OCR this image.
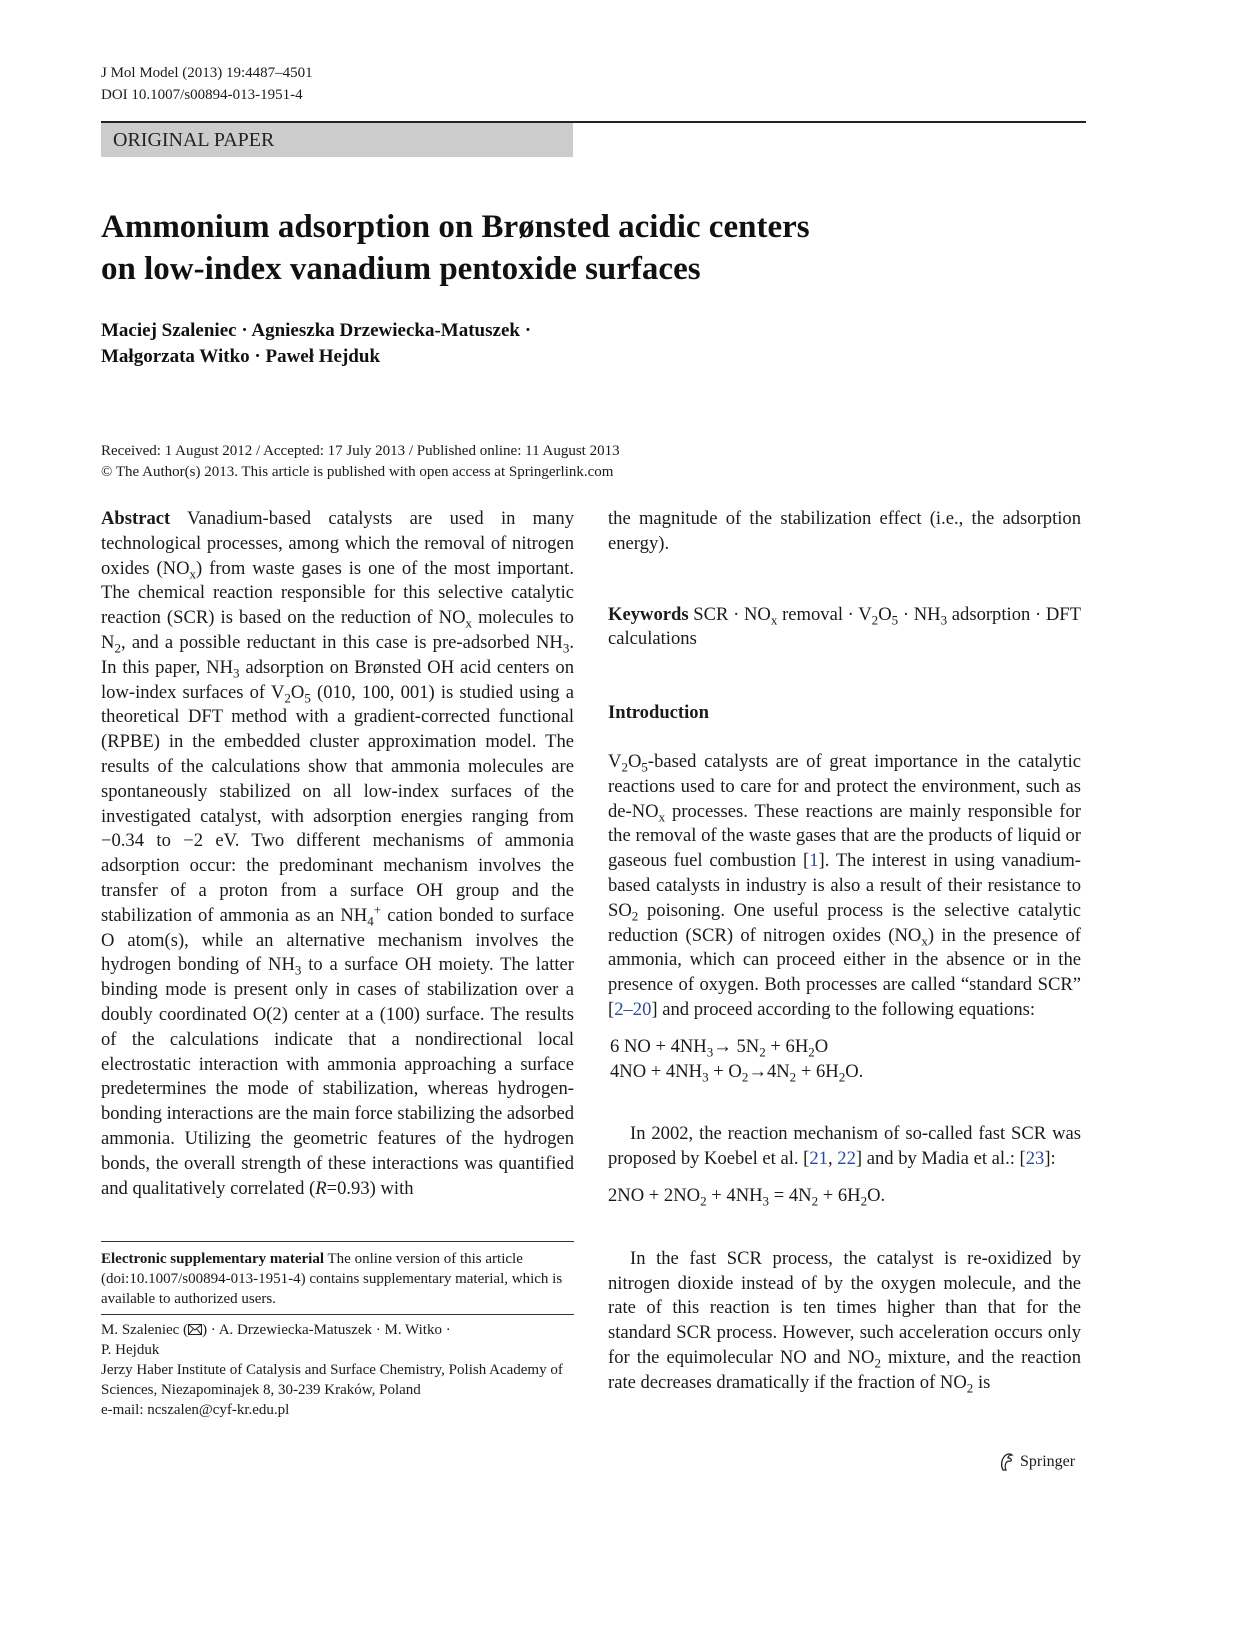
J Mol Model (2013) 19:4487–4501
DOI 10.1007/s00894-013-1951-4
ORIGINAL PAPER
Ammonium adsorption on Brønsted acidic centers
on low-index vanadium pentoxide surfaces
Maciej Szaleniec · Agnieszka Drzewiecka-Matuszek ·
Małgorzata Witko · Paweł Hejduk
Received: 1 August 2012 / Accepted: 17 July 2013 / Published online: 11 August 2013
© The Author(s) 2013. This article is published with open access at Springerlink.com

Abstract Vanadium-based catalysts are used in many technological processes, among which the removal of nitrogen oxides $(NO_x)$ from waste gases is one of the most important. The chemical reaction responsible for this selective catalytic reaction (SCR) is based on the reduction of $NO_x$ molecules to $N_2$, and a possible reductant in this case is pre-adsorbed $NH_3$. In this paper, $NH_3$ adsorption on Brønsted OH acid centers on low-index surfaces of $V_2O_5$ (010, 100, 001) is studied using a theoretical DFT method with a gradient-corrected functional (RPBE) in the embedded cluster approximation model. The results of the calculations show that ammonia molecules are spontaneously stabilized on all low-index surfaces of the investigated catalyst, with adsorption energies ranging from −0.34 to −2 eV. Two different mechanisms of ammonia adsorption occur: the predominant mechanism involves the transfer of a proton from a surface OH group and the stabilization of ammonia as an $NH_4^+$ cation bonded to surface O atom(s), while an alternative mechanism involves the hydrogen bonding of $NH_3$ to a surface OH moiety. The latter binding mode is present only in cases of stabilization over a doubly coordinated O(2) center at a (100) surface. The results of the calculations indicate that a nondirectional local electrostatic interaction with ammonia approaching a surface predetermines the mode of stabilization, whereas hydrogen-bonding interactions are the main force stabilizing the adsorbed ammonia. Utilizing the geometric features of the hydrogen bonds, the overall strength of these interactions was quantified and qualitatively correlated (R=0.93) with

Electronic supplementary material The online version of this article (doi:10.1007/s00894-013-1951-4) contains supplementary material, which is available to authorized users.
M. Szaleniec ( ) · A. Drzewiecka-Matuszek · M. Witko ·
P. Hejduk
Jerzy Haber Institute of Catalysis and Surface Chemistry, Polish Academy of Sciences, Niezapominajek 8, 30-239 Kraków, Poland
e-mail: ncszalen@cyf-kr.edu.pl

the magnitude of the stabilization effect (i.e., the adsorption energy).

Keywords SCR · $NO_x$ removal · $V_2O_5 \cdot NH_3$ adsorption · DFT calculations

Introduction

$V_2O_5$-based catalysts are of great importance in the catalytic reactions used to care for and protect the environment, such as $de-NO_x$ processes. These reactions are mainly responsible for the removal of the waste gases that are the products of liquid or gaseous fuel combustion [1]. The interest in using vanadium-based catalysts in industry is also a result of their resistance to $SO_2$ poisoning. One useful process is the selective catalytic reduction (SCR) of nitrogen oxides $(NO_x)$ in the presence of ammonia, which can proceed either in the absence or in the presence of oxygen. Both processes are called “standard SCR” [2–20] and proceed according to the following equations:

6 NO + $4NH_3\to 5N_2 + 6H_2O$

$4NO + 4NH_3 + O_2\to 4N_2 + 6H_2O$.

In 2002, the reaction mechanism of so-called fast SCR was proposed by Koebel et al. [21, 22] and by Madia et al.: [23]:

$2NO + 2NO_2 + 4NH_3 = 4N_2 + 6H_2O$.

In the fast SCR process, the catalyst is re-oxidized by nitrogen dioxide instead of by the oxygen molecule, and the rate of this reaction is ten times higher than that for the standard SCR process. However, such acceleration occurs only for the equimolecular NO and $NO_2$ mixture, and the reaction rate decreases dramatically if the fraction of $NO_2$ is

Springer
